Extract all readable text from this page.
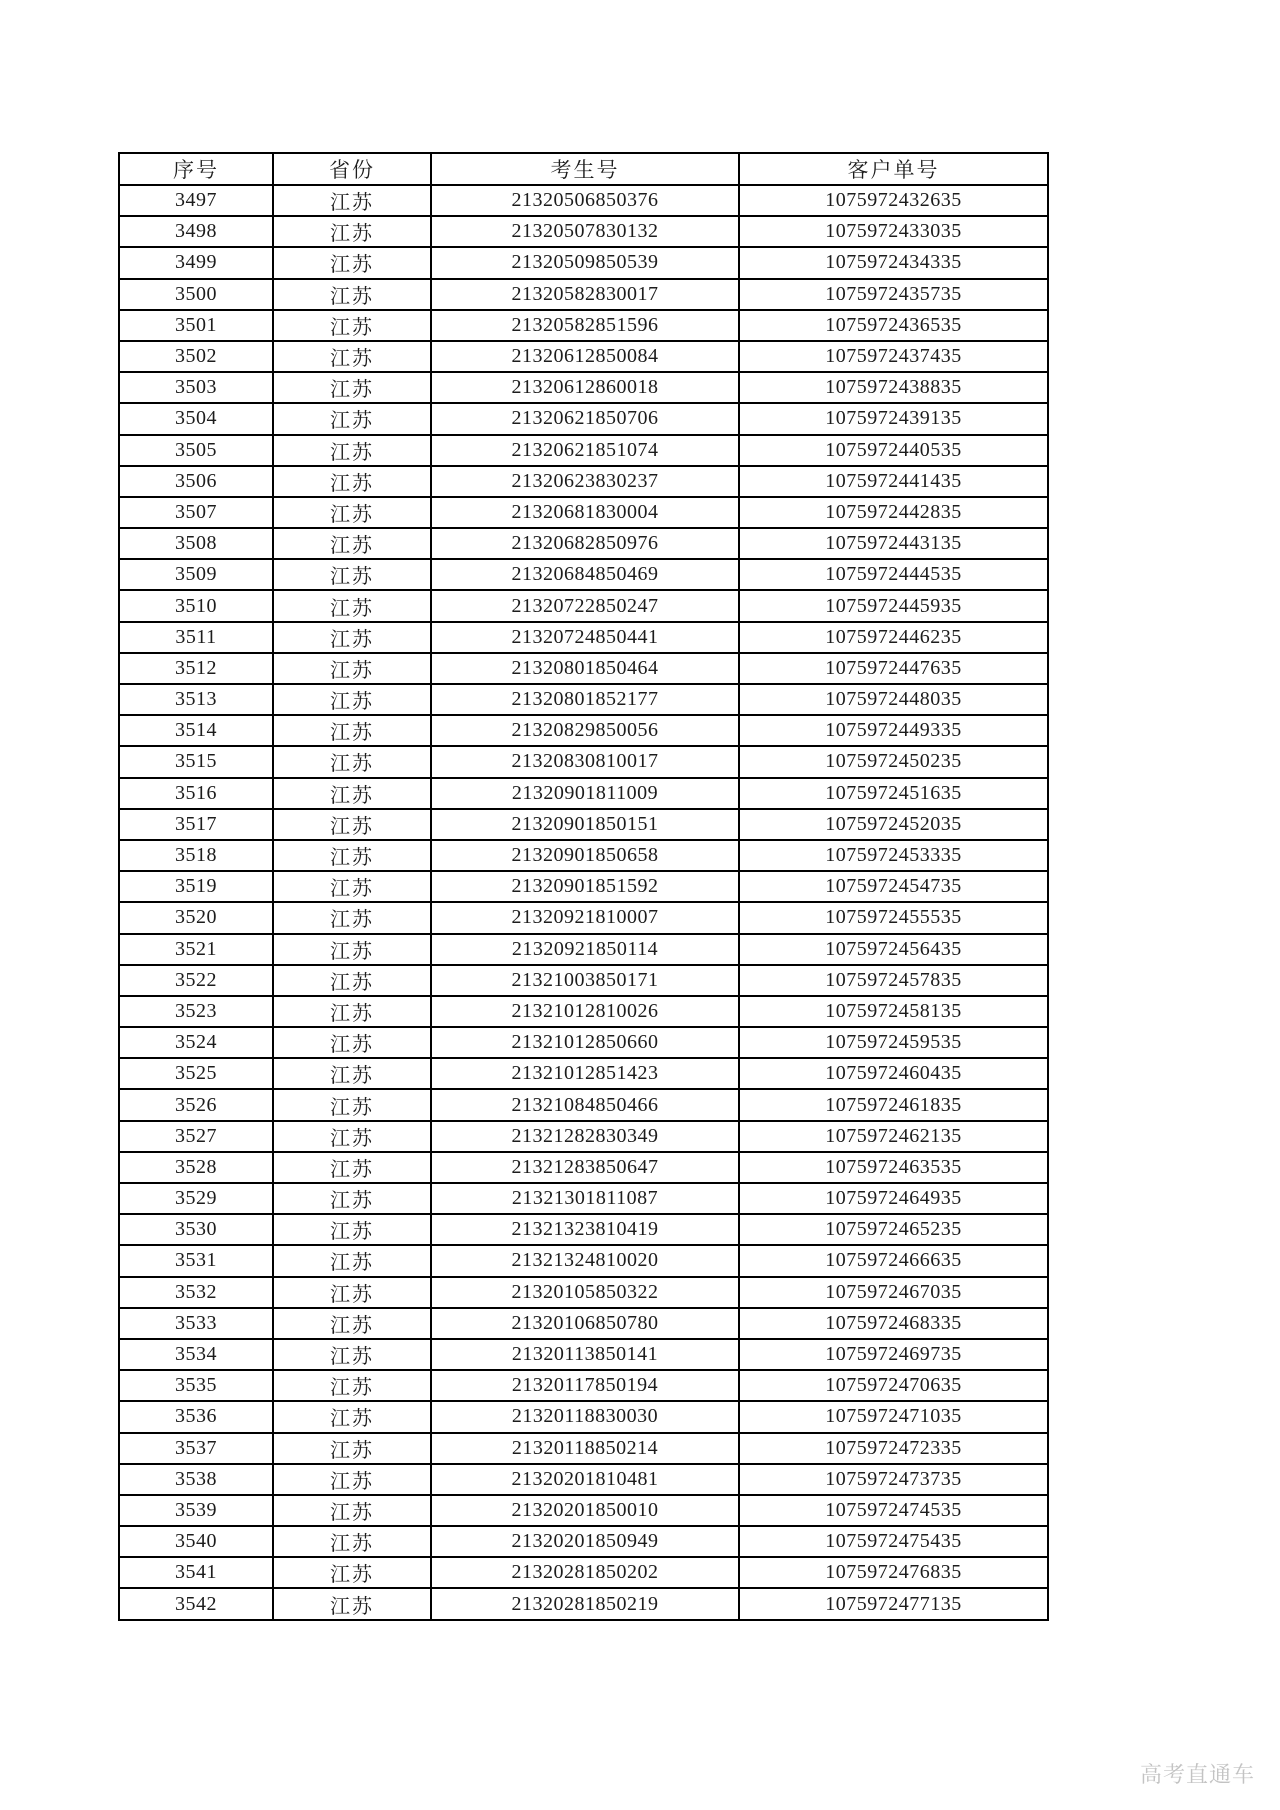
序号	省份	考生号	客户单号
3497	江苏	21320506850376	1075972432635
3498	江苏	21320507830132	1075972433035
3499	江苏	21320509850539	1075972434335
3500	江苏	21320582830017	1075972435735
3501	江苏	21320582851596	1075972436535
3502	江苏	21320612850084	1075972437435
3503	江苏	21320612860018	1075972438835
3504	江苏	21320621850706	1075972439135
3505	江苏	21320621851074	1075972440535
3506	江苏	21320623830237	1075972441435
3507	江苏	21320681830004	1075972442835
3508	江苏	21320682850976	1075972443135
3509	江苏	21320684850469	1075972444535
3510	江苏	21320722850247	1075972445935
3511	江苏	21320724850441	1075972446235
3512	江苏	21320801850464	1075972447635
3513	江苏	21320801852177	1075972448035
3514	江苏	21320829850056	1075972449335
3515	江苏	21320830810017	1075972450235
3516	江苏	21320901811009	1075972451635
3517	江苏	21320901850151	1075972452035
3518	江苏	21320901850658	1075972453335
3519	江苏	21320901851592	1075972454735
3520	江苏	21320921810007	1075972455535
3521	江苏	21320921850114	1075972456435
3522	江苏	21321003850171	1075972457835
3523	江苏	21321012810026	1075972458135
3524	江苏	21321012850660	1075972459535
3525	江苏	21321012851423	1075972460435
3526	江苏	21321084850466	1075972461835
3527	江苏	21321282830349	1075972462135
3528	江苏	21321283850647	1075972463535
3529	江苏	21321301811087	1075972464935
3530	江苏	21321323810419	1075972465235
3531	江苏	21321324810020	1075972466635
3532	江苏	21320105850322	1075972467035
3533	江苏	21320106850780	1075972468335
3534	江苏	21320113850141	1075972469735
3535	江苏	21320117850194	1075972470635
3536	江苏	21320118830030	1075972471035
3537	江苏	21320118850214	1075972472335
3538	江苏	21320201810481	1075972473735
3539	江苏	21320201850010	1075972474535
3540	江苏	21320201850949	1075972475435
3541	江苏	21320281850202	1075972476835
3542	江苏	21320281850219	1075972477135
高考直通车
